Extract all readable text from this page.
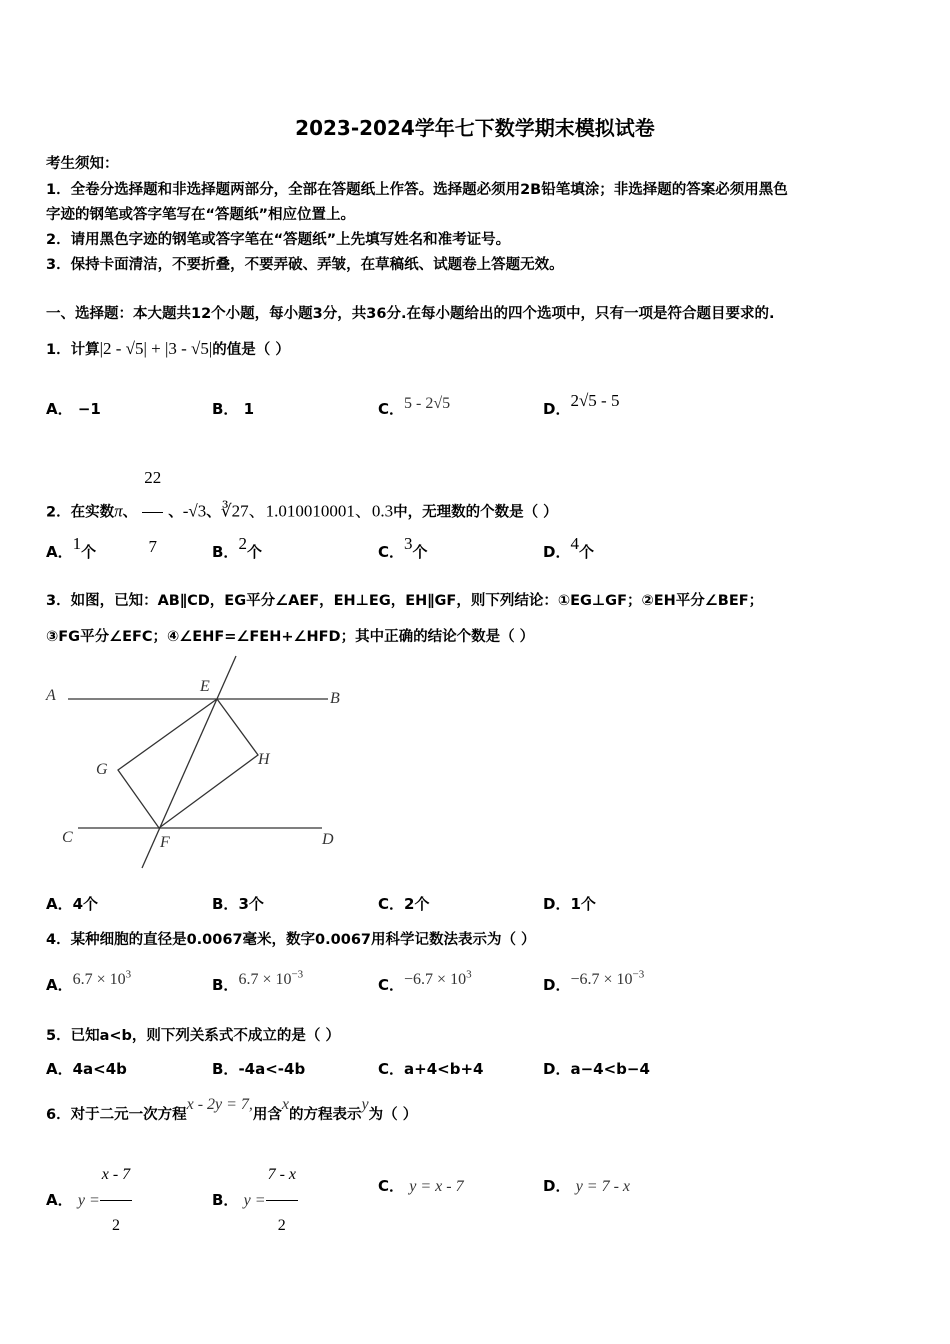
2023-2024学年七下数学期末模拟试卷
考生须知：
1．全卷分选择题和非选择题两部分，全部在答题纸上作答。选择题必须用2B铅笔填涂；非选择题的答案必须用黑色
字迹的钢笔或答字笔写在“答题纸”相应位置上。
2．请用黑色字迹的钢笔或答字笔在“答题纸”上先填写姓名和准考证号。
3．保持卡面清洁，不要折叠，不要弄破、弄皱，在草稿纸、试题卷上答题无效。
一、选择题：本大题共12个小题，每小题3分，共36分.在每小题给出的四个选项中，只有一项是符合题目要求的.
1．计算|2 - √5| + |3 - √5|的值是（ ）
A． −1	B． 1	C．5 - 2√5	D．2√5 - 5
2．在实数π、 $\frac{22}{7}$ 、-√3、∛27、1.010010001、0.3中，无理数的个数是（ ）
A．1个	B．2个	C．3个	D．4个
3．如图，已知：AB∥CD，EG平分∠AEF，EH⊥EG，EH∥GF，则下列结论：①EG⊥GF；②EH平分∠BEF；
③FG平分∠EFC；④∠EHF=∠FEH+∠HFD；其中正确的结论个数是（ ）
A	B
C	D
E
F
G
H
A．4个	B．3个	C．2个	D．1个
4．某种细胞的直径是0.0067毫米，数字0.0067用科学记数法表示为（ ）
A．$6.7 \times 10^3$
B．$6.7 \times 10^{-3}$
C．$-6.7 \times 10^3$
D．$-6.7 \times 10^{-3}$
5．已知a<b，则下列关系式不成立的是（ ）
A．4a<4b	B．-4a<-4b	C．a+4<b+4	D．a−4<b−4
6．对于二元一次方程x - 2y = 7,用含x的方程表示y为（ ）
A． $y = \frac{x - 7}{2}$	B． $y = \frac{7 - x}{2}$	C． y = x - 7	D． y = 7 - x
